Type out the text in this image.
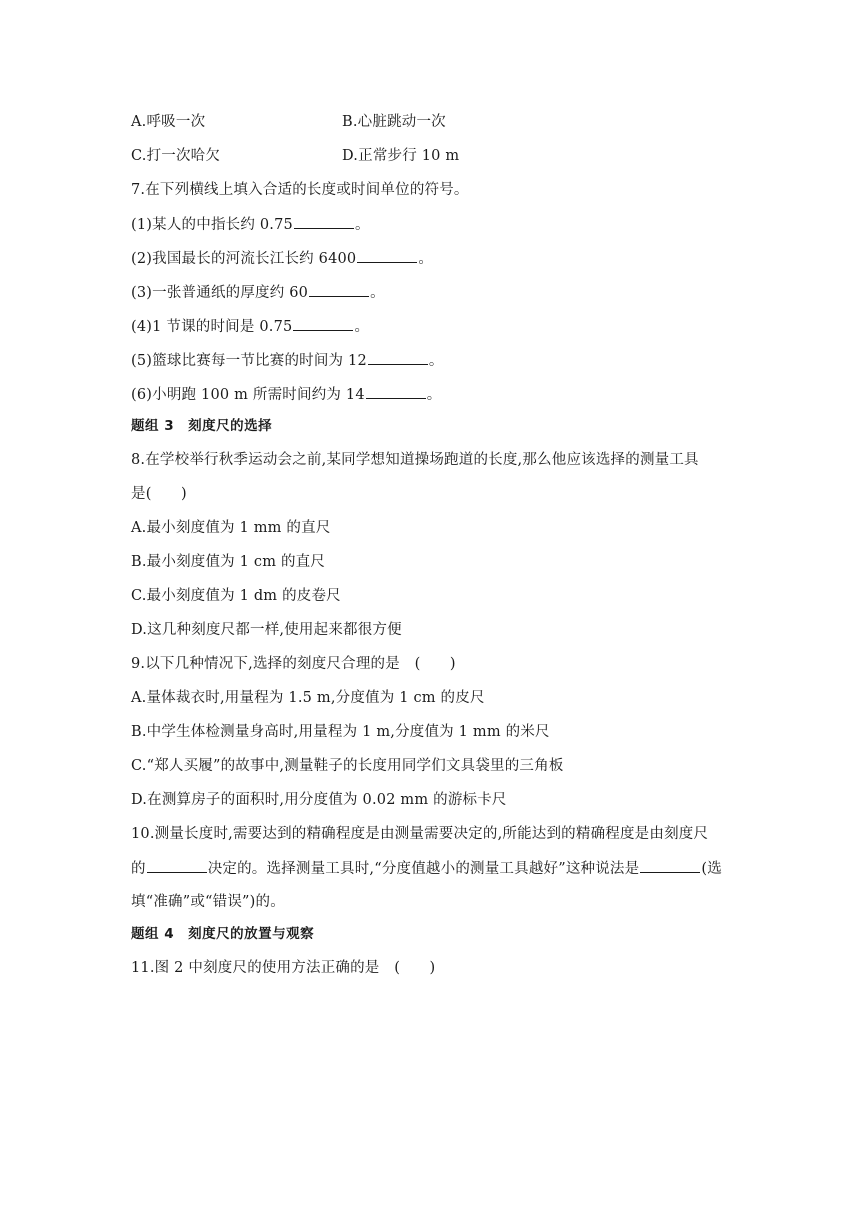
A.呼吸一次	B.心脏跳动一次
C.打一次哈欠	D.正常步行 10 m
7.在下列横线上填入合适的长度或时间单位的符号。
(1)某人的中指长约 0.75	。
(2)我国最长的河流长江长约 6400	。
(3)一张普通纸的厚度约 60	。
(4)1 节课的时间是 0.75	。
(5)篮球比赛每一节比赛的时间为 12	。
(6)小明跑 100 m 所需时间约为 14	。
题组 3　刻度尺的选择
8.在学校举行秋季运动会之前,某同学想知道操场跑道的长度,那么他应该选择的测量工具
是(　　)
A.最小刻度值为 1 mm 的直尺
B.最小刻度值为 1 cm 的直尺
C.最小刻度值为 1 dm 的皮卷尺
D.这几种刻度尺都一样,使用起来都很方便
9.以下几种情况下,选择的刻度尺合理的是　(　　)
A.量体裁衣时,用量程为 1.5 m,分度值为 1 cm 的皮尺
B.中学生体检测量身高时,用量程为 1 m,分度值为 1 mm 的米尺
C.“郑人买履”的故事中,测量鞋子的长度用同学们文具袋里的三角板
D.在测算房子的面积时,用分度值为 0.02 mm 的游标卡尺
10.测量长度时,需要达到的精确程度是由测量需要决定的,所能达到的精确程度是由刻度尺
的	决定的。选择测量工具时,“分度值越小的测量工具越好”这种说法是	(选
填“准确”或“错误”)的。
题组 4　刻度尺的放置与观察
11.图 2 中刻度尺的使用方法正确的是　(　　)
